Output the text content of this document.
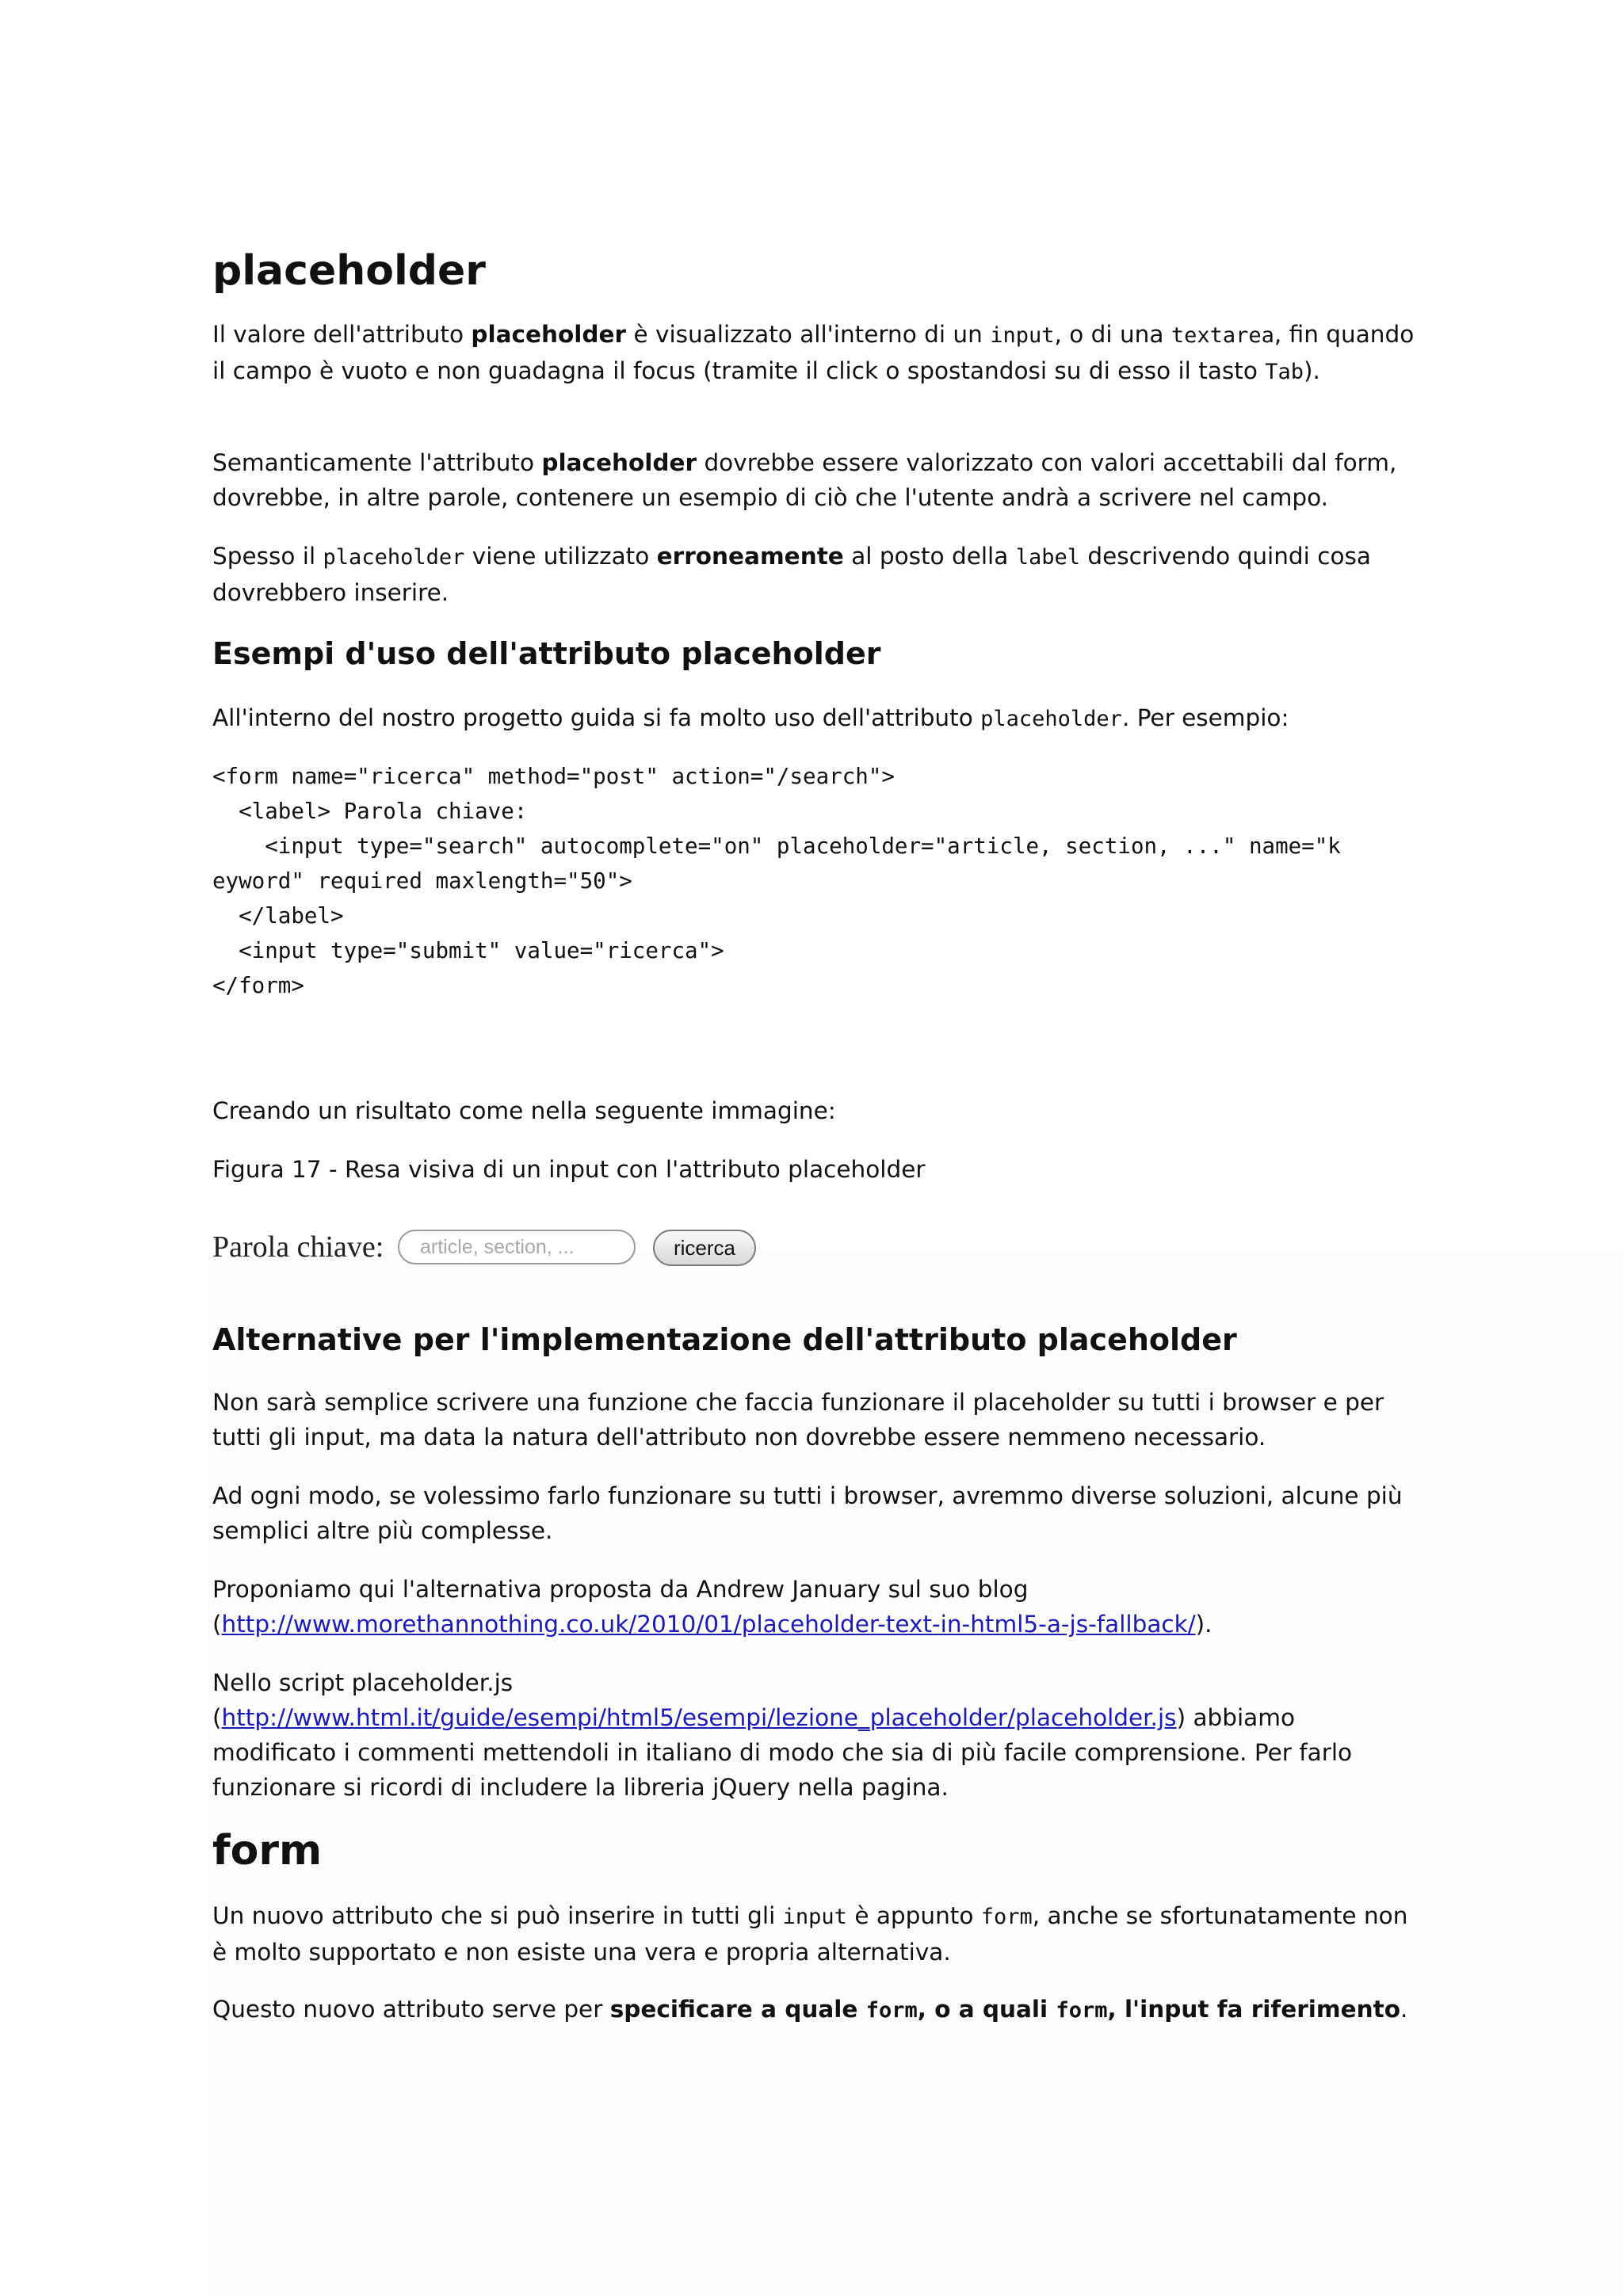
placeholder

Il valore dell'attributo placeholder è visualizzato all'interno di un input, o di una textarea, fin quando il campo è vuoto e non guadagna il focus (tramite il click o spostandosi su di esso il tasto Tab).

Semanticamente l'attributo placeholder dovrebbe essere valorizzato con valori accettabili dal form, dovrebbe, in altre parole, contenere un esempio di ciò che l'utente andrà a scrivere nel campo.

Spesso il placeholder viene utilizzato erroneamente al posto della label descrivendo quindi cosa dovrebbero inserire.

Esempi d'uso dell'attributo placeholder

All'interno del nostro progetto guida si fa molto uso dell'attributo placeholder. Per esempio:

<form name="ricerca" method="post" action="/search">
<label> Parola chiave:
<input type="search" autocomplete="on" placeholder="article, section, ..." name="k
eyword" required maxlength="50">
</label>
<input type="submit" value="ricerca">
</form>

Creando un risultato come nella seguente immagine:

Figura 17 - Resa visiva di un input con l'attributo placeholder

Parola chiave:	article, section, ...	ricerca
Alternative per l'implementazione dell'attributo placeholder

Non sarà semplice scrivere una funzione che faccia funzionare il placeholder su tutti i browser e per tutti gli input, ma data la natura dell'attributo non dovrebbe essere nemmeno necessario.

Ad ogni modo, se volessimo farlo funzionare su tutti i browser, avremmo diverse soluzioni, alcune più semplici altre più complesse.

Proponiamo qui l'alternativa proposta da Andrew January sul suo blog
(http://www.morethannothing.co.uk/2010/01/placeholder-text-in-html5-a-js-fallback/).

Nello script placeholder.js
(http://www.html.it/guide/esempi/html5/esempi/lezione_placeholder/placeholder.js) abbiamo modificato i commenti mettendoli in italiano di modo che sia di più facile comprensione. Per farlo funzionare si ricordi di includere la libreria jQuery nella pagina.

form

Un nuovo attributo che si può inserire in tutti gli input è appunto form, anche se sfortunatamente non è molto supportato e non esiste una vera e propria alternativa.

Questo nuovo attributo serve per specificare a quale form, o a quali form, l'input fa riferimento.
